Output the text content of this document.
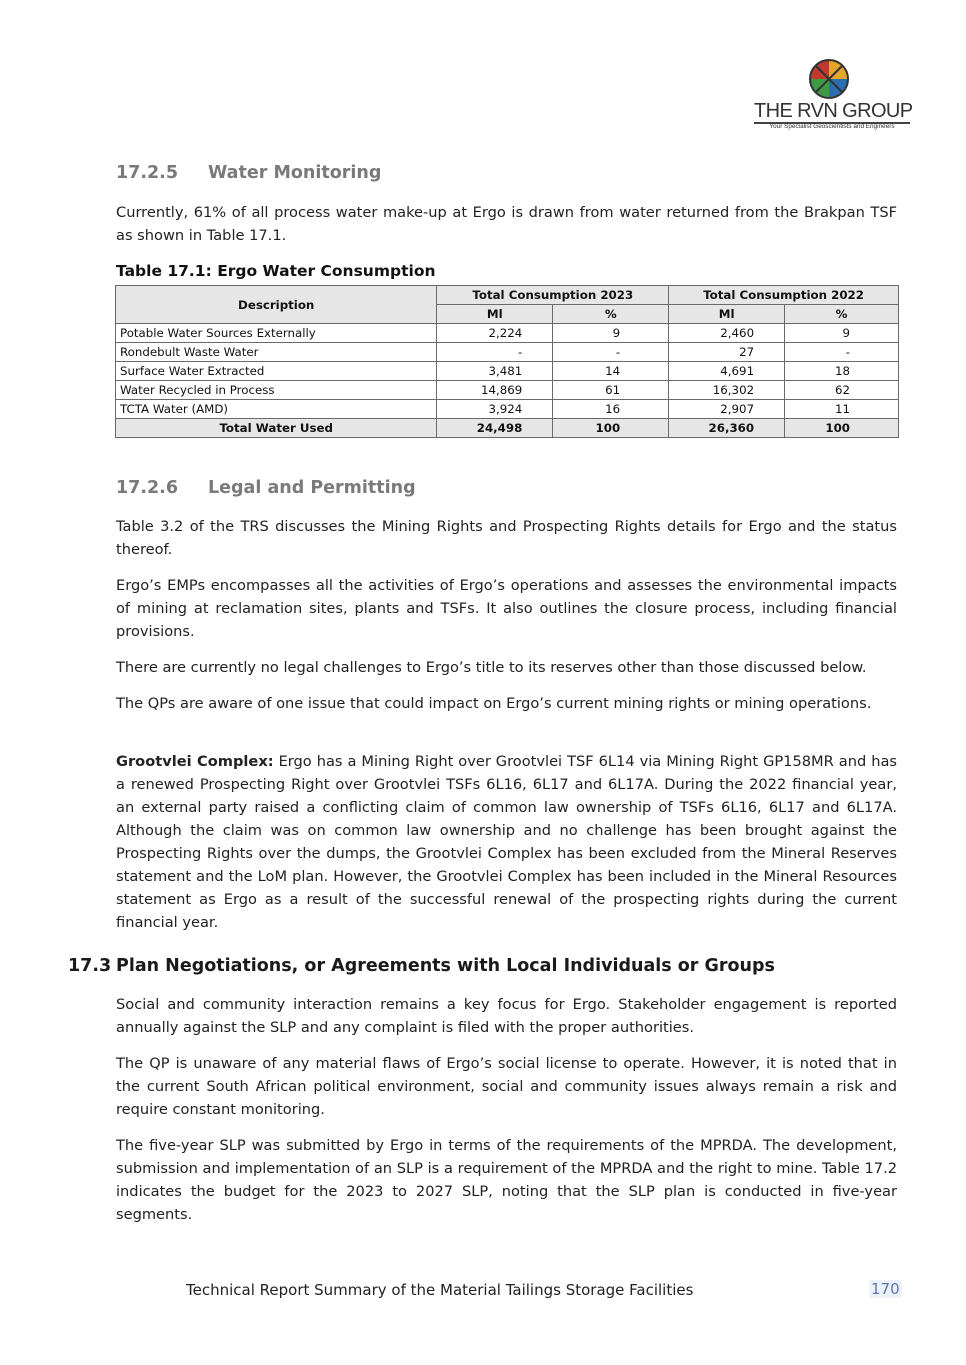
THE RVN GROUP
Your Specialist Geoscientists and Engineers
17.2.5 Water Monitoring

Currently, 61% of all process water make-up at Ergo is drawn from water returned from the Brakpan TSF as shown in Table 17.1.

Table 17.1: Ergo Water Consumption

Description	Total Consumption 2023		Total Consumption 2022	
	Ml	%	Ml	%
Potable Water Sources Externally	2,224	9	2,460	9
Rondebult Waste Water	-	-	27	-
Surface Water Extracted	3,481	14	4,691	18
Water Recycled in Process	14,869	61	16,302	62
TCTA Water (AMD)	3,924	16	2,907	11
Total Water Used	24,498	100	26,360	100
17.2.6 Legal and Permitting

Table 3.2 of the TRS discusses the Mining Rights and Prospecting Rights details for Ergo and the status thereof.

Ergo’s EMPs encompasses all the activities of Ergo’s operations and assesses the environmental impacts of mining at reclamation sites, plants and TSFs. It also outlines the closure process, including financial provisions.

There are currently no legal challenges to Ergo’s title to its reserves other than those discussed below.

The QPs are aware of one issue that could impact on Ergo’s current mining rights or mining operations.

Grootvlei Complex: Ergo has a Mining Right over Grootvlei TSF 6L14 via Mining Right GP158MR and has a renewed Prospecting Right over Grootvlei TSFs 6L16, 6L17 and 6L17A. During the 2022 financial year, an external party raised a conflicting claim of common law ownership of TSFs 6L16, 6L17 and 6L17A. Although the claim was on common law ownership and no challenge has been brought against the Prospecting Rights over the dumps, the Grootvlei Complex has been excluded from the Mineral Reserves statement and the LoM plan. However, the Grootvlei Complex has been included in the Mineral Resources statement as Ergo as a result of the successful renewal of the prospecting rights during the current financial year.

17.3 Plan Negotiations, or Agreements with Local Individuals or Groups

Social and community interaction remains a key focus for Ergo. Stakeholder engagement is reported annually against the SLP and any complaint is filed with the proper authorities.

The QP is unaware of any material flaws of Ergo’s social license to operate. However, it is noted that in the current South African political environment, social and community issues always remain a risk and require constant monitoring.

The five-year SLP was submitted by Ergo in terms of the requirements of the MPRDA. The development, submission and implementation of an SLP is a requirement of the MPRDA and the right to mine. Table 17.2 indicates the budget for the 2023 to 2027 SLP, noting that the SLP plan is conducted in five-year segments.

Technical Report Summary of the Material Tailings Storage Facilities	170
